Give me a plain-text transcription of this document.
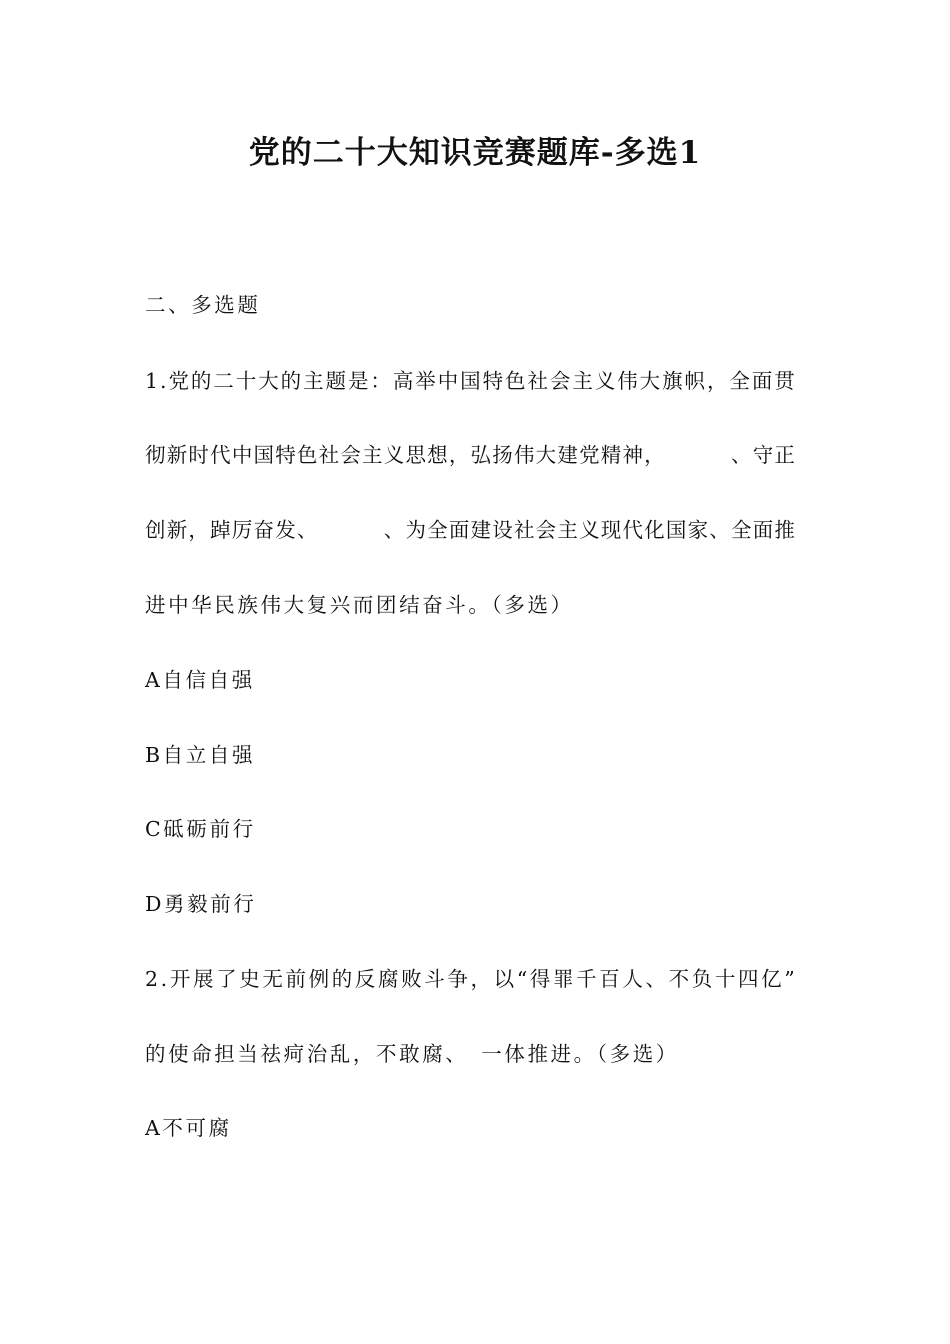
党的二十大知识竞赛题库-多选1
二、多选题
1 . 党 的 二 十 大 的 主 题 是 ： 高 举 中 国 特 色 社 会 主 义 伟 大 旗 帜 ， 全 面 贯
彻 新 时 代 中 国 特 色 社 会 主 义 思 想 ， 弘 扬 伟 大 建 党 精 神 ，

　	、 守 正
创 新 ， 踔 厉 奋 发 、

　	、 为 全 面 建 设 社 会 主 义 现 代 化 国 家 、 全 面 推
进中华民族伟大复兴而团结奋斗。（多选）
A自信自强
B自立自强
C砥砺前行
D勇毅前行
2 . 开 展 了 史 无 前 例 的 反 腐 败 斗 争 ， 以 “ 得 罪 千 百 人 、 不 负 十 四 亿 ”
的使命担当祛疴治乱，不敢腐、　一体推进。（多选）
A不可腐
